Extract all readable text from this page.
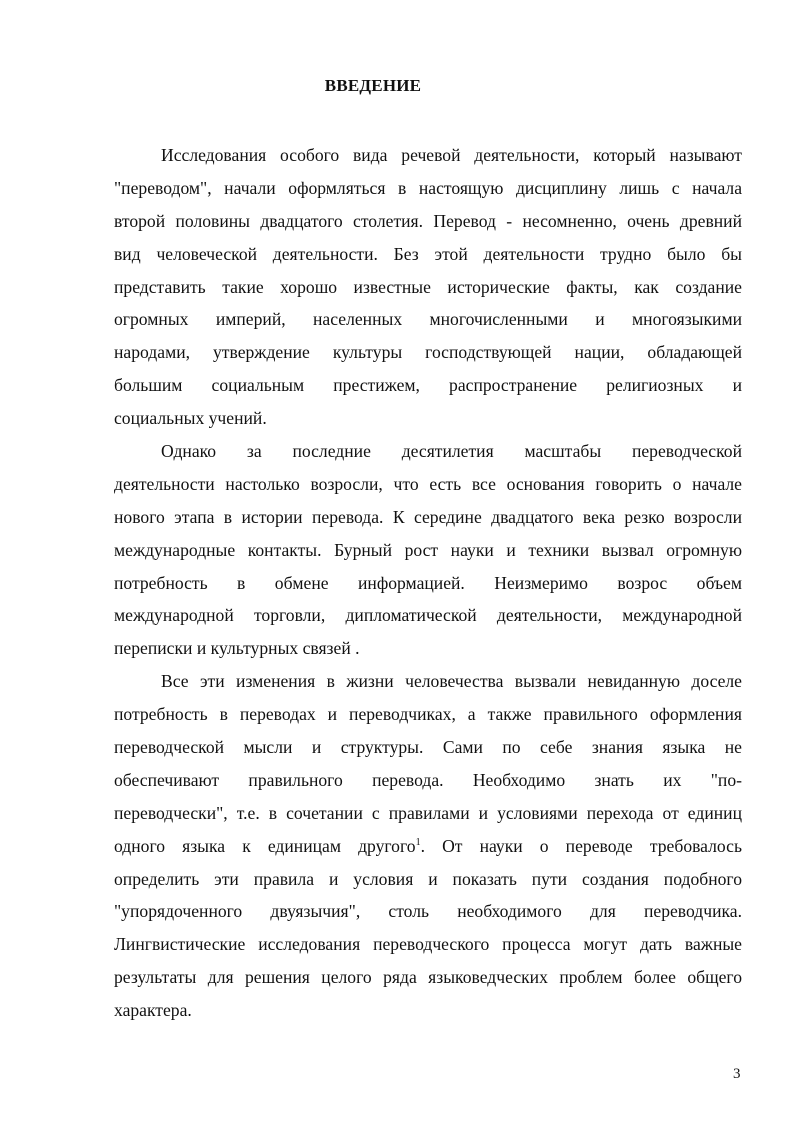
ВВЕДЕНИЕ
Исследования особого вида речевой деятельности, который называют
"переводом", начали оформляться в настоящую дисциплину лишь с начала
второй половины двадцатого столетия. Перевод - несомненно, очень древний
вид человеческой деятельности. Без этой деятельности трудно было бы
представить такие хорошо известные исторические факты, как создание
огромных империй, населенных многочисленными и многоязыкими
народами, утверждение культуры господствующей нации, обладающей
большим социальным престижем, распространение религиозных и
социальных учений.
Однако за последние десятилетия масштабы переводческой
деятельности настолько возросли, что есть все основания говорить о начале
нового этапа в истории перевода. К середине двадцатого века резко возросли
международные контакты. Бурный рост науки и техники вызвал огромную
потребность в обмене информацией. Неизмеримо возрос объем
международной торговли, дипломатической деятельности, международной
переписки и культурных связей .
Все эти изменения в жизни человечества вызвали невиданную доселе
потребность в переводах и переводчиках, а также правильного оформления
переводческой мысли и структуры. Сами по себе знания языка не
обеспечивают правильного перевода. Необходимо знать их "по-
переводчески", т.е. в сочетании с правилами и условиями перехода от единиц
одного языка к единицам другого$^1$. От науки о переводе требовалось
определить эти правила и условия и показать пути создания подобного
"упорядоченного двуязычия", столь необходимого для переводчика.
Лингвистические исследования переводческого процесса могут дать важные
результаты для решения целого ряда языковедческих проблем более общего
характера.
3
